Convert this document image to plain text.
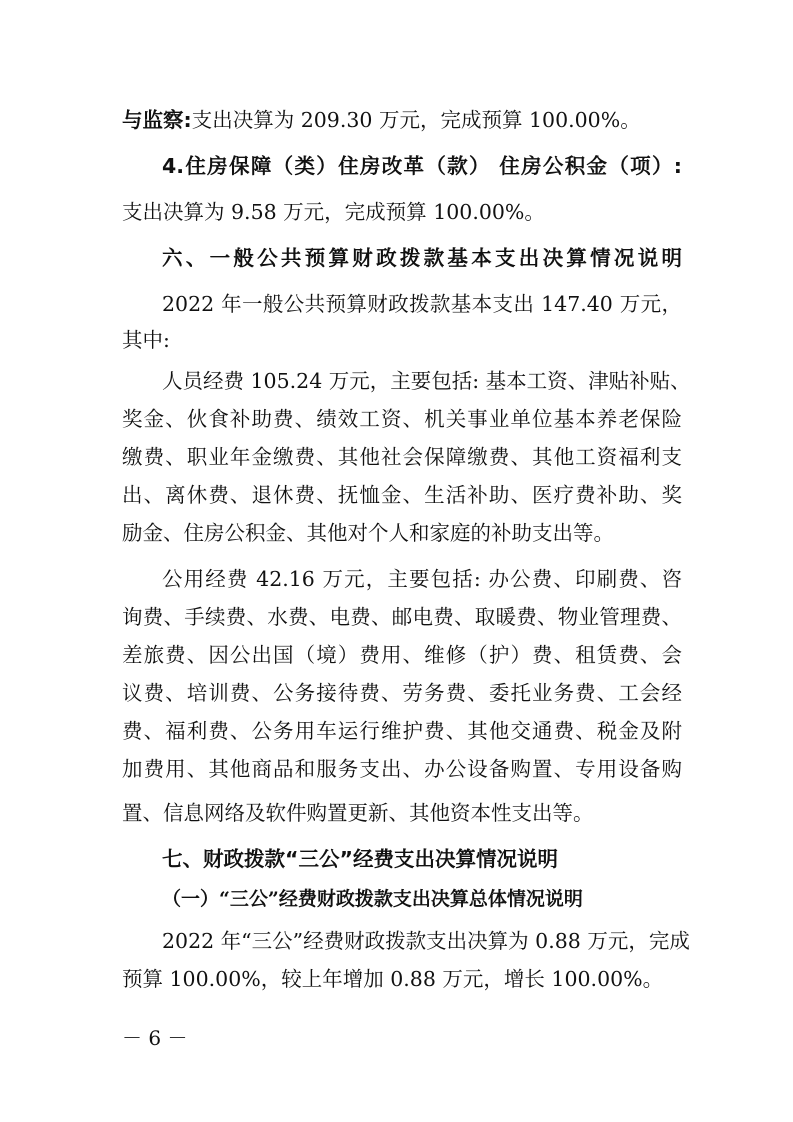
与监察:支出决算为 209.30 万元，完成预算 100.00%。
4.住房保障（类）住房改革（款） 住房公积金（项）:
支出决算为 9.58 万元，完成预算 100.00%。
六、一般公共预算财政拨款基本支出决算情况说明
2022 年一般公共预算财政拨款基本支出 147.40 万元，
其中:
人员经费 105.24 万元，主要包括: 基本工资、津贴补贴、
奖金、伙食补助费、绩效工资、机关事业单位基本养老保险
缴费、职业年金缴费、其他社会保障缴费、其他工资福利支
出、离休费、退休费、抚恤金、生活补助、医疗费补助、奖
励金、住房公积金、其他对个人和家庭的补助支出等。
公用经费 42.16 万元，主要包括: 办公费、印刷费、咨
询费、手续费、水费、电费、邮电费、取暖费、物业管理费、
差旅费、因公出国（境）费用、维修（护）费、租赁费、会
议费、培训费、公务接待费、劳务费、委托业务费、工会经
费、福利费、公务用车运行维护费、其他交通费、税金及附
加费用、其他商品和服务支出、办公设备购置、专用设备购
置、信息网络及软件购置更新、其他资本性支出等。
七、财政拨款“三公”经费支出决算情况说明
（一）“三公”经费财政拨款支出决算总体情况说明
2022 年“三公”经费财政拨款支出决算为 0.88 万元，完成
预算 100.00%，较上年增加 0.88 万元，增长 100.00%。
－ 6 －
